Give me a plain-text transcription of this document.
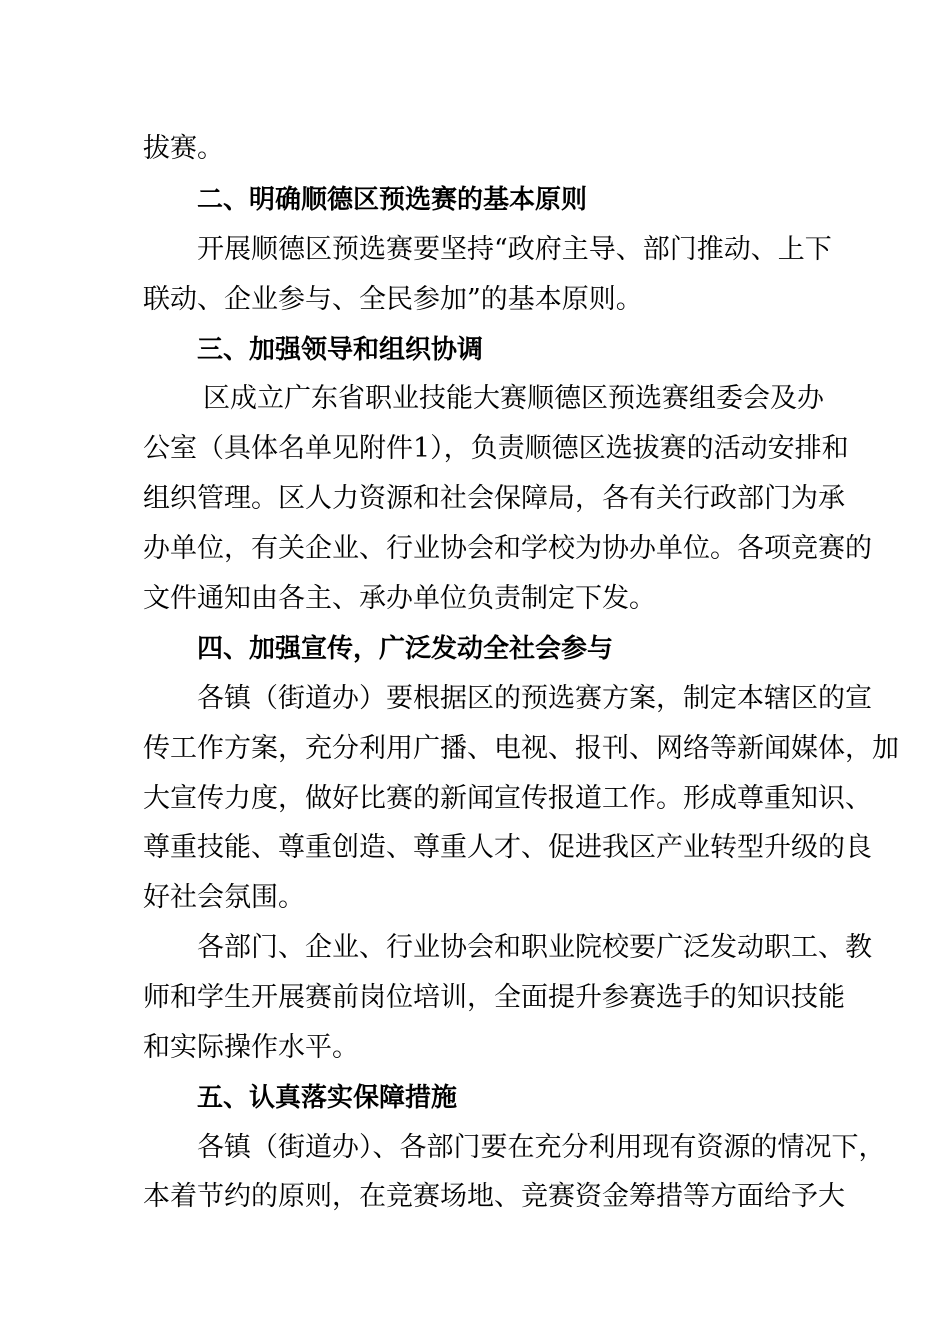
拔赛。
二、明确顺德区预选赛的基本原则
开展顺德区预选赛要坚持“政府主导、部门推动、上下
联动、企业参与、全民参加”的基本原则。
三、加强领导和组织协调
区成立广东省职业技能大赛顺德区预选赛组委会及办
公室（具体名单见附件1），负责顺德区选拔赛的活动安排和
组织管理。区人力资源和社会保障局，各有关行政部门为承
办单位，有关企业、行业协会和学校为协办单位。各项竞赛的
文件通知由各主、承办单位负责制定下发。
四、加强宣传，广泛发动全社会参与
各镇（街道办）要根据区的预选赛方案，制定本辖区的宣
传工作方案，充分利用广播、电视、报刊、网络等新闻媒体，加
大宣传力度，做好比赛的新闻宣传报道工作。形成尊重知识、
尊重技能、尊重创造、尊重人才、促进我区产业转型升级的良
好社会氛围。
各部门、企业、行业协会和职业院校要广泛发动职工、教
师和学生开展赛前岗位培训，全面提升参赛选手的知识技能
和实际操作水平。
五、认真落实保障措施
各镇（街道办）、各部门要在充分利用现有资源的情况下，
本着节约的原则，在竞赛场地、竞赛资金筹措等方面给予大
